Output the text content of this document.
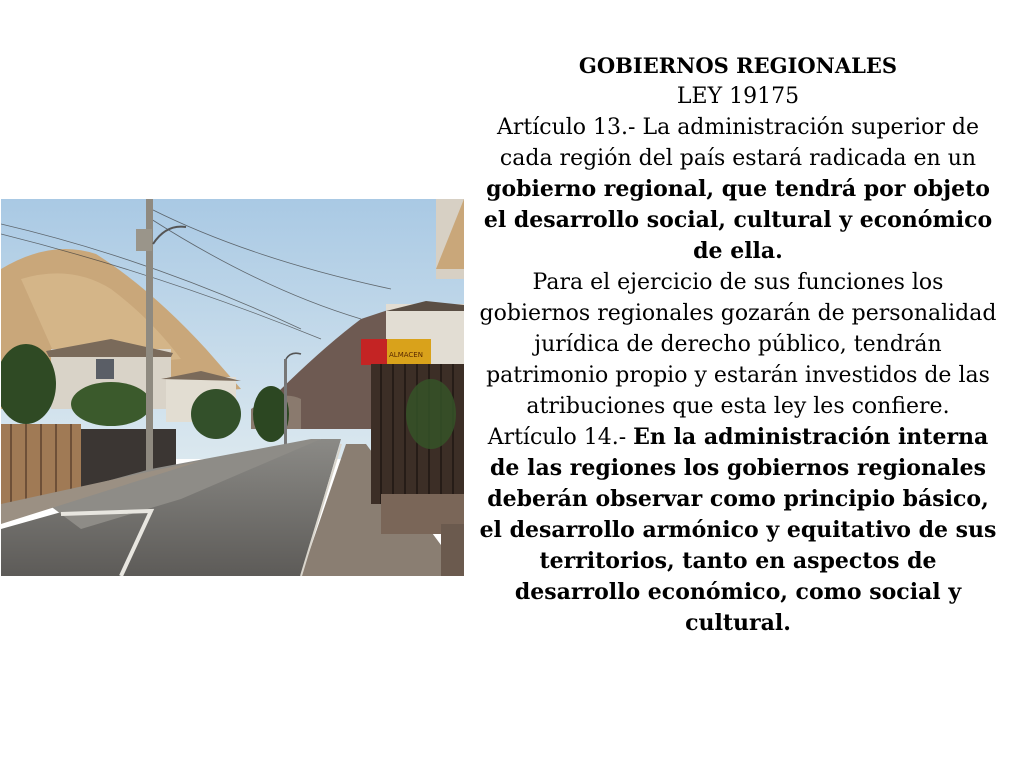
ALMACEN

GOBIERNOS REGIONALES

LEY 19175

Artículo 13.- La administración superior de cada región del país estará radicada en un gobierno regional, que tendrá por objeto el desarrollo social, cultural y económico de ella.

Para el ejercicio de sus funciones los gobiernos regionales gozarán de personalidad jurídica de derecho público, tendrán patrimonio propio y estarán investidos de las atribuciones que esta ley les confiere.

Artículo 14.- En la administración interna de las regiones los gobiernos regionales deberán observar como principio básico, el desarrollo armónico y equitativo de sus territorios, tanto en aspectos de desarrollo económico, como social y cultural.
